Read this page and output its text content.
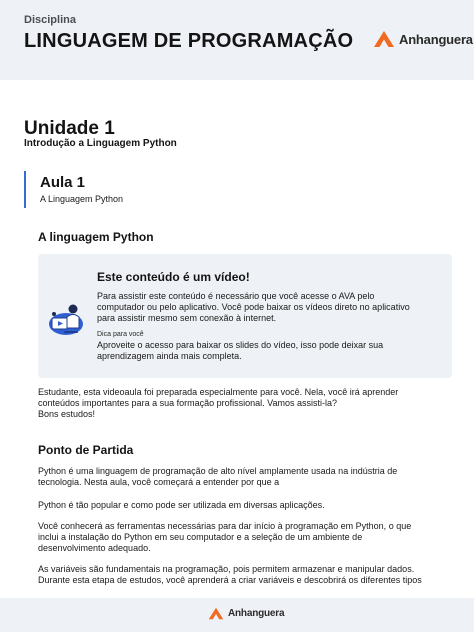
Disciplina
LINGUAGEM DE PROGRAMAÇÃO	Anhanguera
Unidade 1
Introdução a Linguagem Python
Aula 1
A Linguagem Python
A linguagem Python
Este conteúdo é um vídeo!
Para assistir este conteúdo é necessário que você acesse o AVA pelo
computador ou pelo aplicativo. Você pode baixar os vídeos direto no aplicativo
para assistir mesmo sem conexão à internet.
Dica para você
Aproveite o acesso para baixar os slides do vídeo, isso pode deixar sua
aprendizagem ainda mais completa.
Estudante, esta videoaula foi preparada especialmente para você. Nela, você irá aprender
conteúdos importantes para a sua formação profissional. Vamos assisti-la?
Bons estudos!
Ponto de Partida
Python é uma linguagem de programação de alto nível amplamente usada na indústria de
tecnologia. Nesta aula, você começará a entender por que a
Python é tão popular e como pode ser utilizada em diversas aplicações.
Você conhecerá as ferramentas necessárias para dar início à programação em Python, o que
inclui a instalação do Python em seu computador e a seleção de um ambiente de
desenvolvimento adequado.
As variáveis são fundamentais na programação, pois permitem armazenar e manipular dados.
Durante esta etapa de estudos, você aprenderá a criar variáveis e descobrirá os diferentes tipos
Anhanguera
